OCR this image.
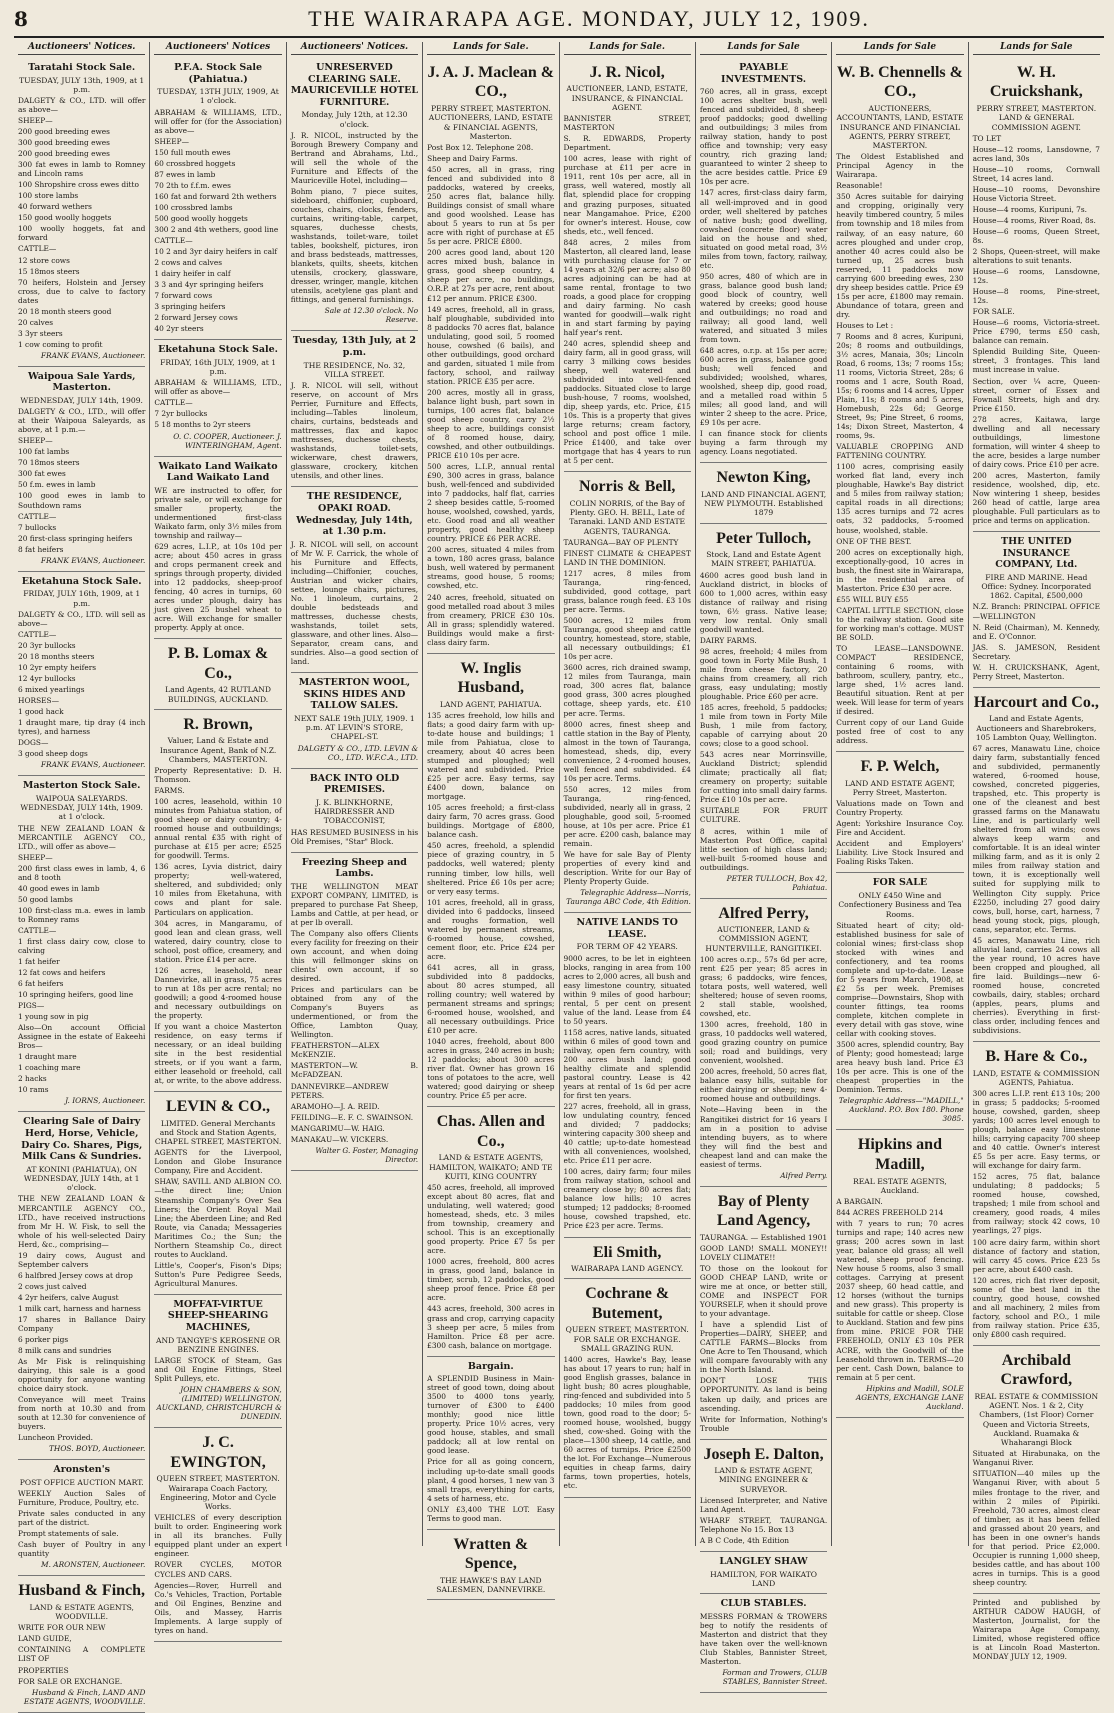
8	THE WAIRARAPA AGE. MONDAY, JULY 12, 1909.
Auctioneers' Notices.
Taratahi Stock Sale.
TUESDAY, JULY 13th, 1909, at 1 p.m.

DALGETY & CO., LTD. will offer as above—

SHEEP—

200 good breeding ewes

300 good breeding ewes

200 good breeding ewes

300 fat ewes in lamb to Romney and Lincoln rams

100 Shropshire cross ewes ditto

100 store lambs

40 forward wethers

150 good woolly hoggets

100 woolly hoggets, fat and forward

CATTLE—

12 store cows

15 18mos steers

70 heifers, Holstein and Jersey cross, due to calve to factory dates

20 18 month steers good

20 calves

3 3yr steers

1 cow coming to profit

FRANK EVANS, Auctioneer.
Waipoua Sale Yards, Masterton.
WEDNESDAY, JULY 14th, 1909.

DALGETY & CO., LTD., will offer at their Waipoua Saleyards, as above, at 1 p.m.—

SHEEP—

100 fat lambs

70 18mos steers

300 fat ewes

50 f.m. ewes in lamb

100 good ewes in lamb to Southdown rams

CATTLE—

7 bullocks

20 first-class springing heifers

8 fat heifers

FRANK EVANS, Auctioneer.
Eketahuna Stock Sale.
FRIDAY, JULY 16th, 1909, at 1 p.m.

DALGETY & CO., LTD. will sell as above—

CATTLE—

20 3yr bullocks

20 18 months steers

10 2yr empty heifers

12 4yr bullocks

6 mixed yearlings

HORSES—

1 good hack

1 draught mare, tip dray (4 inch tyres), and harness

DOGS—

3 good sheep dogs

FRANK EVANS, Auctioneer.
Masterton Stock Sale.
WAIPOUA SALEYARDS. WEDNESDAY, JULY 14th, 1909. at 1 o'clock.

THE NEW ZEALAND LOAN & MERCANTILE AGENCY CO., LTD., will offer as above—

SHEEP—

200 first class ewes in lamb, 4, 6 and 8 tooth

40 good ewes in lamb

50 good lambs

100 first-class m.a. ewes in lamb to Romney rams

CATTLE—

1 first class dairy cow, close to calving

1 fat heifer

12 fat cows and heifers

6 fat heifers

10 springing heifers, good line

PIGS—

1 young sow in pig

Also—On account Official Assignee in the estate of Eakeehi Bros—

1 draught mare

1 coaching mare

2 hacks

10 rams

J. IORNS, Auctioneer.
Clearing Sale of Dairy Herd, Horse, Vehicle, Dairy Co. Shares, Pigs, Milk Cans & Sundries.
AT KONINI (PAHIATUA), ON WEDNESDAY, JULY 14th, at 1 o'clock.

THE NEW ZEALAND LOAN & MERCANTILE AGENCY CO., LTD., have received instructions from Mr H. W. Fisk, to sell the whole of his well-selected Dairy Herd, &c., comprising—

19 dairy cows, August and September calvers

6 halfbred Jersey cows at drop

2 cows just calved

4 2yr heifers, calve August

1 milk cart, harness and harness

17 shares in Ballance Dairy Company

6 porker pigs

8 milk cans and sundries

As Mr Fisk is relinquishing dairying, this sale is a good opportunity for anyone wanting choice dairy stock.

Conveyance will meet Trains from north at 10.30 and from south at 12.30 for convenience of buyers.

Luncheon Provided.

THOS. BOYD, Auctioneer.
Aronsten's
POST OFFICE AUCTION MART.

WEEKLY Auction Sales of Furniture, Produce, Poultry, etc.

Private sales conducted in any part of the district.

Prompt statements of sale.

Cash buyer of Poultry in any quantity

M. ARONSTEN, Auctioneer.
Husband & Finch,
LAND & ESTATE AGENTS, WOODVILLE.

WRITE FOR OUR NEW

LAND GUIDE,

CONTAINING A COMPLETE LIST OF

PROPERTIES

FOR SALE OR EXCHANGE.

Husband & Finch, LAND AND ESTATE AGENTS, WOODVILLE.
Auctioneers' Notices
P.F.A. Stock Sale (Pahiatua.)
TUESDAY, 13TH JULY, 1909, At 1 o'clock.

ABRAHAM & WILLIAMS, LTD., will offer for (for the Association) as above—

SHEEP—

150 full mouth ewes

60 crossbred hoggets

87 ewes in lamb

70 2th to f.f.m. ewes

160 fat and forward 2th wethers

100 crossbred lambs

500 good woolly hoggets

300 2 and 4th wethers, good line

CATTLE—

10 2 and 3yr dairy heifers in calf

2 cows and calves

1 dairy heifer in calf

3 3 and 4yr springing heifers

7 forward cows

3 springing heifers

2 forward Jersey cows

40 2yr steers

Eketahuna Stock Sale.
FRIDAY, 16th JULY, 1909, at 1 p.m.

ABRAHAM & WILLIAMS, LTD., will offer as above—

CATTLE—

7 2yr bullocks

5 18 months to 2yr steers

O. C. COOPER, Auctioneer. J. WINTERINGHAM, Agent.
Waikato Land Waikato Land Waikato Land

WE are instructed to offer, for private sale, or will exchange for smaller property, the undermentioned first-class Waikato farm, only 3½ miles from township and railway—

629 acres, L.I.P., at 10s 10d per acre; about 450 acres in grass and crops permanent creek and springs through property, divided into 12 paddocks, sheep-proof fencing, 40 acres in turnips, 60 acres under plough, dairy has just given 25 bushel wheat to acre. Will exchange for smaller property. Apply at once.

P. B. Lomax & Co.,
Land Agents, 42 RUTLAND BUILDINGS, AUCKLAND.
R. Brown,
Valuer, Land & Estate and Insurance Agent, Bank of N.Z. Chambers, MASTERTON.

Property Representative: D. H. Thomson.

FARMS.

100 acres, leasehold, within 10 minutes from Pahiatua station, of good sheep or dairy country; 4-roomed house and outbuildings; annual rental £35 with right of purchase at £15 per acre; £525 for goodwill. Terms.

136 acres, Lyvia district, dairy property; well-watered, sheltered, and subdivided; only 10 miles from Eketahuna, with cows and plant for sale. Particulars on application.

304 acres, in Mangaramu, of good lean and clean grass, well watered, dairy country, close to school, post office, creamery, and station. Price £14 per acre.

126 acres, leasehold, near Dannevirke, all in grass, 75 acres to run at 18s per acre rental; no goodwill; a good 4-roomed house and necessary outbuildings on the property.

If you want a choice Masterton residence, on easy terms if necessary, or an ideal building site in the best residential streets, or if you want a farm, either leasehold or freehold, call at, or write, to the above address.

LEVIN & CO.,
LIMITED. General Merchants and Stock and Station Agents, CHAPEL STREET, MASTERTON.

AGENTS for the Liverpool, London and Globe Insurance Company, Fire and Accident.

SHAW, SAVILL AND ALBION CO.—the direct line; Union Steamship Company's Over Sea Liners; the Orient Royal Mail Line; the Aberdeen Line; and Red Route, via Canada; Messageries Maritimes Co.; the Sun; the Northern Steamship Co., direct routes to Auckland.

Little's, Cooper's, Fison's Dips; Sutton's Pure Pedigree Seeds, Agricultural Manures.

MOFFAT-VIRTUE SHEEP-SHEARING MACHINES,
AND TANGYE'S KEROSENE OR BENZINE ENGINES.

LARGE STOCK of Steam, Gas and Oil Engine Fittings, Steel Split Pulleys, etc.

JOHN CHAMBERS & SON, (LIMITED) WELLINGTON, AUCKLAND, CHRISTCHURCH & DUNEDIN.
J. C. EWINGTON,
QUEEN STREET, MASTERTON. Wairarapa Coach Factory, Engineering, Motor and Cycle Works.

VEHICLES of every description built to order. Engineering work in all its branches. Fully equipped plant under an expert engineer.

ROVER CYCLES, MOTOR CYCLES AND CARS.

Agencies—Rover, Hurrell and Co.'s Vehicles, Traction, Portable and Oil Engines, Benzine and Oils, and Massey, Harris Implements. A large supply of tyres on hand.

Auctioneers' Notices.
UNRESERVED CLEARING SALE. MAURICEVILLE HOTEL FURNITURE.
Monday, July 12th, at 12.30 o'clock.

J. R. NICOL, instructed by the Borough Brewery Company and Bertrand and Abrahams, Ltd., will sell the whole of the Furniture and Effects of the Mauriceville Hotel, including—

Bohm piano, 7 piece suites, sideboard, chiffonier, cupboard, couches, chairs, clocks, fenders, curtains, writing-table, carpet, squares, duchesse chests, washstands, toilet-ware, toilet tables, bookshelf, pictures, iron and brass bedsteads, mattresses, blankets, quilts, sheets, kitchen utensils, crockery, glassware, dresser, wringer, mangle, kitchen utensils, acetylene gas plant and fittings, and general furnishings.

Sale at 12.30 o'clock. No Reserve.
Tuesday, 13th July, at 2 p.m.
THE RESIDENCE, No. 32, VILLA STREET.

J. R. NICOL will sell, without reserve, on account of Mrs Perrier, Furniture and Effects, including—Tables linoleum, chairs, curtains, bedsteads and mattresses, flax and kapoc mattresses, duchesse chests, washstands, toilet-sets, wickerware, chest drawers, glassware, crockery, kitchen utensils, and other lines.

THE RESIDENCE, OPAKI ROAD. Wednesday, July 14th, at 1.30 p.m.

J. R. NICOL will sell, on account of Mr W. F. Carrick, the whole of his Furniture and Effects, including—Chiffonier, couches, Austrian and wicker chairs, settee, lounge chairs, pictures, No. 1 linoleum, curtains, 2 double bedsteads and mattresses, duchesse chests, washstands, toilet sets, glassware, and other lines. Also—Separator, cream cans, and sundries. Also—a good section of land.

MASTERTON WOOL, SKINS HIDES AND TALLOW SALES.
NEXT SALE 19th JULY, 1909. 1 p.m. AT LEVIN'S STORE, CHAPEL-ST.
DALGETY & CO., LTD. LEVIN & CO., LTD. W.F.C.A., LTD.
BACK INTO OLD PREMISES.
J. K. BLINKHORNE, HAIRDRESSER AND TOBACCONIST,

HAS RESUMED BUSINESS in his Old Premises, "Star" Block.

Freezing Sheep and Lambs.

THE WELLINGTON MEAT EXPORT COMPANY, LIMITED, is prepared to purchase Fat Sheep, Lambs and Cattle, at per head, or at per lb overall.

The Company also offers Clients every facility for freezing on their own account, and when doing this will fellmonger skins on clients' own account, if so desired.

Prices and particulars can be obtained from any of the Company's Buyers as undermentioned, or from the Office, Lambton Quay, Wellington.

FEATHERSTON—ALEX McKENZIE.

MASTERTON—W. B. McFADZEAN.

DANNEVIRKE—ANDREW PETERS.

ARAMOHO—J. A. REID.

FEILDING—E. F. C. SWAINSON.

MANGARIMU—W. HAIG.

MANAKAU—W. VICKERS.

Walter G. Foster, Managing Director.
Lands for Sale.
J. A. J. Maclean & CO.,
PERRY STREET, MASTERTON. AUCTIONEERS, LAND, ESTATE & FINANCIAL AGENTS, Masterton.

Post Box 12. Telephone 208.

Sheep and Dairy Farms.

450 acres, all in grass, ring fenced and subdivided into 8 paddocks, watered by creeks, 250 acres flat, balance hilly. Buildings consist of small whare and good woolshed. Lease has about 5 years to run at 5s per acre with right of purchase at £5 5s per acre. PRICE £800.

200 acres good land, about 120 acres mixed bush, balance in grass, good sheep country, 4 sheep per acre, no buildings, O.R.P. at 27s per acre, rent about £12 per annum. PRICE £300.

149 acres, freehold, all in grass, half ploughable, subdivided into 8 paddocks 70 acres flat, balance undulating, good soil, 5 roomed house, cowshed (6 bails), and other outbuildings, good orchard and garden, situated 1 mile from factory, school, and railway station. PRICE £35 per acre.

200 acres, mostly all in grass, balance light bush, part sown in turnips, 100 acres flat, balance good sheep country, carry 2½ sheep to acre, buildings consist of 8 roomed house, dairy, cowshed, and other outbuildings. PRICE £10 10s per acre.

500 acres, L.I.P., annual rental £90, 300 acres in grass, balance bush, well-fenced and subdivided into 7 paddocks, half flat, carries 2 sheep besides cattle, 5-roomed house, woolshed, cowshed, yards, etc. Good road and all weather property, good healthy sheep country. PRICE £6 PER ACRE.

200 acres, situated 4 miles from a town, 180 acres grass, balance bush, well watered by permanent streams, good house, 5 rooms; cowshed, etc.

240 acres, freehold, situated on good metalled road about 3 miles from creamery, PRICE £30 10s. All in grass; splendidly watered. Buildings would make a first-class dairy farm.

W. Inglis Husband,
LAND AGENT, PAHIATUA.

135 acres freehold, low hills and flats; a good dairy farm with up-to-date house and buildings; 1 mile from Pahiatua, close to creamery, about 40 acres been stumped and ploughed; well watered and subdivided. Price £25 per acre. Easy terms, say £400 down, balance on mortgage.

105 acres freehold; a first-class dairy farm, 70 acres grass. Good buildings. Mortgage of £800, balance cash.

450 acres, freehold, a splendid piece of grazing country, in 5 paddocks, well watered; plenty running timber, low hills, well sheltered. Price £6 10s per acre; or very easy terms.

101 acres, freehold, all in grass, divided into 6 paddocks, linseed and roughs formation, well watered by permanent streams, 6-roomed house, cowshed, cement floor, etc. Price £24 per acre.

641 acres, all in grass, subdivided into 8 paddocks, about 80 acres stumped, all rolling country; well watered by permanent streams and springs; 6-roomed house, woolshed, and all necessary outbuildings. Price £10 per acre.

1040 acres, freehold, about 800 acres in grass, 240 acres in bush; 12 paddocks; about 300 acres river flat. Owner has grown 16 tons of potatoes to the acre, well watered; good dairying or sheep country. Price £5 per acre.

Chas. Allen and Co.,
LAND & ESTATE AGENTS, HAMILTON, WAIKATO; AND TE KUITI, KING COUNTRY

450 acres, freehold, all improved except about 80 acres, flat and undulating, well watered; good homestead, sheds, etc. 3 miles from township, creamery and school. This is an exceptionally good property. Price £7 5s per acre.

1000 acres, freehold, 800 acres in grass, good land, balance in timber, scrub, 12 paddocks, good sheep proof fence. Price £8 per acre.

443 acres, freehold, 300 acres in grass and crop, carrying capacity 3 sheep per acre, 5 miles from Hamilton. Price £8 per acre. £300 cash, balance on mortgage.

Bargain.

A SPLENDID Business in Main-street of good town, doing about 3500 to 4000 tons yearly, turnover of £300 to £400 monthly; good nice little property. Price 10½ acres, very good house, stables, and small paddock; all at low rental on good lease.

Price for all as going concern, including up-to-date small goods plant, 4 good horses, 1 new van 3 small traps, everything for carts, 4 sets of harness, etc.

ONLY £3,400 THE LOT. Easy Terms to good man.

Wratten & Spence,
THE HAWKE'S BAY LAND SALESMEN, DANNEVIRKE.
Lands for Sale.
J. R. Nicol,
AUCTIONEER, LAND, ESTATE, INSURANCE, & FINANCIAL AGENT.

BANNISTER STREET, MASTERTON

S. R. EDWARDS, Property Department.

100 acres, lease with right of purchase at £11 per acre in 1911, rent 10s per acre, all in grass, well watered, mostly all flat, splendid place for cropping and grazing purposes, situated near Mangamahoe. Price, £200 for owner's interest. House, cow sheds, etc., well fenced.

848 acres, 2 miles from Masterton, all cleared land, lease with purchasing clause for 7 or 14 years at 32/6 per acre; also 80 acres adjoining can be had at same rental, frontage to two roads, a good place for cropping and dairy farming. No cash wanted for goodwill—walk right in and start farming by paying half year's rent.

240 acres, splendid sheep and dairy farm, all in good grass, will carry 3 milking cows besides sheep, well watered and subdivided into well-fenced paddocks. Situated close to large bush-house, 7 rooms, woolshed, dip, sheep yards, etc. Price, £15 10s. This is a property that gives large returns; cream factory, school and post office 1 mile. Price £1400, and take over mortgage that has 4 years to run at 5 per cent.

Norris & Bell,
COLIN NORRIS, of the Bay of Plenty. GEO. H. BELL, Late of Taranaki. LAND AND ESTATE AGENTS, TAURANGA.

TAURANGA—BAY OF PLENTY

FINEST CLIMATE & CHEAPEST LAND IN THE DOMINION.

1217 acres, 8 miles from Tauranga, ring-fenced, subdivided, good cottage, part grass, balance rough feed. £3 10s per acre. Terms.

5000 acres, 12 miles from Tauranga, good sheep and cattle country, homestead, store, stable, all necessary outbuildings; £1 10s per acre.

3600 acres, rich drained swamp, 12 miles from Tauranga, main road, 300 acres flat, balance good grass, 300 acres ploughed cottage, sheep yards, etc. £10 per acre. Terms.

8000 acres, finest sheep and cattle station in the Bay of Plenty, almost in the town of Tauranga, homestead, sheds, dip, every convenience, 2 4-roomed houses, well fenced and subdivided. £4 10s per acre. Terms.

550 acres, 12 miles from Tauranga, ring-fenced, subdivided, nearly all in grass, 2 ploughable, good soil, 5-roomed house, at 10s per acre. Price £1 per acre. £200 cash, balance may remain.

We have for sale Bay of Plenty properties of every kind and description. Write for our Bay of Plenty Property Guide.

Telegraphic Address—Norris, Tauranga ABC Code, 4th Edition.
NATIVE LANDS TO LEASE.
FOR TERM OF 42 YEARS.

9000 acres, to be let in eighteen blocks, ranging in area from 100 acres to 2,000 acres, all bush and easy limestone country, situated within 9 miles of good harbour; rental, 5 per cent on present value of the land. Lease from £4 to 50 years.

1158 acres, native lands, situated within 6 miles of good town and railway, open fern country, with 200 acres bush land; good healthy climate and splendid pastoral country. Lease is 42 years at rental of 1s 6d per acre for first ten years.

227 acres, freehold, all in grass, low undulating country, fenced and divided; 7 paddocks; wintering capacity 300 sheep and 40 cattle; up-to-date homestead with all conveniences, woolshed, etc. Price £11 per acre.

100 acres, dairy farm; four miles from railway station, school and creamery close by; 80 acres flat; balance low hills; 10 acres stumped; 12 paddocks; 8-roomed house, cowshed trapshed, etc. Price £23 per acre. Terms.

Eli Smith,
WAIRARAPA LAND AGENCY.
Cochrane & Butement,
QUEEN STREET, MASTERTON. FOR SALE OR EXCHANGE. SMALL GRAZING RUN.

1400 acres, Hawke's Bay, lease has about 17 years to run; half in good English grasses, balance in light bush; 80 acres ploughable, ring-fenced and subdivided into 5 paddocks; 10 miles from good town, good road to the door; 5-roomed house, woolshed, buggy shed, cow-shed. Going with the place—1300 sheep, 14 cattle, and 60 acres of turnips. Price £2500 the lot. For Exchange—Numerous equities in cheap farms, dairy farms, town properties, hotels, etc.

Lands for Sale
PAYABLE INVESTMENTS.

760 acres, all in grass, except 100 acres shelter bush, well fenced and subdivided, 8 sheep-proof paddocks; good dwelling and outbuildings; 3 miles from railway station, handy to post office and township; very easy country, rich grazing land; guaranteed to winter 2 sheep to the acre besides cattle. Price £9 10s per acre.

147 acres, first-class dairy farm, all well-improved and in good order, well sheltered by patches of native bush; good dwelling, cowshed (concrete floor) water laid on the house and shed, situated on good metal road, 3½ miles from town, factory, railway, etc.

950 acres, 480 of which are in grass, balance good bush land; good block of country, well watered by creeks; good house and outbuildings; no road and railway; all good land, well watered, and situated 3 miles from town.

648 acres, o.r.p. at 15s per acre; 600 acres in grass, balance good bush; well fenced and subdivided; woolshed, whares, woolshed, sheep dip, good road, and a metalled road within 5 miles; all good land, and will winter 2 sheep to the acre. Price, £9 10s per acre.

I can finance stock for clients buying a farm through my agency. Loans negotiated.

Newton King,
LAND AND FINANCIAL AGENT, NEW PLYMOUTH. Established 1879
Peter Tulloch,
Stock, Land and Estate Agent MAIN STREET, PAHIATUA.

4600 acres good bush land in Auckland district, in blocks of 600 to 1,000 acres, within easy distance of railway and rising town, 6½ grass. Native lease; very low rental. Only small goodwill wanted.

DAIRY FARMS.

98 acres, freehold; 4 miles from good town in Forty Mile Bush, 1 mile from cheese factory, 20 chains from creamery, all rich grass, easy undulating; mostly ploughable. Price £60 per acre.

185 acres, freehold, 5 paddocks; 1 mile from town in Forty Mile Bush, 1 mile from factory, capable of carrying about 20 cows; close to a good school.

543 acres near Morrinsville, Auckland District; splendid climate; practically all flat; creamery on property; suitable for cutting into small dairy farms. Price £10 10s per acre.

SUITABLE FOR FRUIT CULTURE.

8 acres, within 1 mile of Masterton Post Office, capital little section of high class land; well-built 5-roomed house and outbuildings.

PETER TULLOCH, Box 42, Pahiatua.
Alfred Perry,
AUCTIONEER, LAND & COMMISSION AGENT, HUNTERVILLE, RANGITIKEI.

100 acres o.r.p., 57s 6d per acre, rent £25 per year; 85 acres in grass; 6 paddocks, wire fences, totara posts, well watered, well sheltered; house of seven rooms, 2 stall stable, woolshed, cowshed, etc.

1300 acres, freehold, 180 in grass, 10 paddocks well watered, good grazing country on pumice soil; road and buildings, very convenient, woolshed.

200 acres, freehold, 50 acres flat, balance easy hills, suitable for either dairying or sheep; new 4-roomed house and outbuildings.

Note—Having been in the Rangitikei district for 16 years I am in a position to advise intending buyers, as to where they will find the best and cheapest land and can make the easiest of terms.

Alfred Perry.
Bay of Plenty Land Agency,
TAURANGA. — Established 1901

GOOD LAND! SMALL MONEY!! LOVELY CLIMATE!!

TO those on the lookout for GOOD CHEAP LAND, write or wire me at once, or better still, COME and INSPECT FOR YOURSELF, when it should prove to your advantage.

I have a splendid List of Properties—DAIRY, SHEEP, and CATTLE FARMS—Blocks from One Acre to Ten Thousand, which will compare favourably with any in the North Island.

DON'T LOSE THIS OPPORTUNITY. As land is being taken up daily, and prices are ascending.

Write for Information, Nothing's Trouble

Joseph E. Dalton,
LAND & ESTATE AGENT, MINING ENGINEER & SURVEYOR.

Licensed Interpreter, and Native Land Agent.

WHARF STREET, TAURANGA. Telephone No 15. Box 13

A B C Code, 4th Edition

LANGLEY SHAW
HAMILTON, FOR WAIKATO LAND
CLUB STABLES.

MESSRS FORMAN & TROWERS beg to notify the residents of Masterton and district that they have taken over the well-known Club Stables, Bannister Street, Masterton.

Forman and Trowers, CLUB STABLES, Bannister Street.
Lands for Sale
W. B. Chennells & CO.,
AUCTIONEERS, ACCOUNTANTS, LAND, ESTATE INSURANCE AND FINANCIAL AGENTS, PERRY STREET, MASTERTON.

The Oldest Established and Principal Agency in the Wairarapa.

Reasonable!

350 Acres suitable for dairying and cropping, originally very heavily timbered country, 5 miles from township and 18 miles from railway, of an easy nature, 60 acres ploughed and under crop, another 40 acres could also be turned up, 25 acres bush reserved, 11 paddocks now carrying 600 breeding ewes, 230 dry sheep besides cattle. Price £9 15s per acre, £1800 may remain. Abundance of totara, green and dry.

Houses to Let :

7 Rooms and 8 acres, Kuripuni, 20s; 8 rooms and outbuildings, 3½ acres, Manaia, 30s; Lincoln Road, 6 rooms, 13s; 7 rooms 15s; 11 rooms, Victoria Street, 28s; 6 rooms and 1 acre, South Road, 15s; 6 rooms and 14 acres, Upper Plain, 11s; 8 rooms and 5 acres, Homebush, 22s 6d; George Street, 9s; Pine Street, 6 rooms, 14s; Dixon Street, Masterton, 4 rooms, 9s.

VALUABLE CROPPING AND FATTENING COUNTRY.

1100 acres, comprising easily worked flat land, every inch ploughable, Hawke's Bay district and 5 miles from railway station; capital roads in all directions; 135 acres turnips and 72 acres oats, 32 paddocks, 5-roomed house, woolshed, stable.

ONE OF THE BEST.

200 acres on exceptionally high, exceptionally-good, 10 acres in bush, the finest site in Wairarapa, in the residential area of Masterton. Price £30 per acre.

£55 WILL BUY £55

CAPITAL LITTLE SECTION, close to the railway station. Good site for working man's cottage. MUST BE SOLD.

TO LEASE—LANSDOWNE. COMPACT RESIDENCE, containing 6 rooms, with bathroom, scullery, pantry, etc., large shed, 1½ acres land. Beautiful situation. Rent at per week. Will lease for term of years if desired.

Current copy of our Land Guide posted free of cost to any address.

F. P. Welch,
LAND AND ESTATE AGENT, Perry Street, Masterton.

Valuations made on Town and Country Property.

Agent: Yorkshire Insurance Coy. Fire and Accident.

Accident and Employers' Liability. Live Stock Insured and Foaling Risks Taken.

FOR SALE
ONLY £450 Wine and Confectionery Business and Tea Rooms.

Situated heart of city; old-established business for sale of colonial wines; first-class shop stocked with wines and confectionery, and tea rooms complete and up-to-date. Lease for 5 years from March, 1908, at £2 5s per week. Premises comprise—Downstairs, Shop with counter fittings, tea rooms complete, kitchen complete in every detail with gas stove, wine cellar with cooking stoves.

3500 acres, splendid country, Bay of Plenty; good homestead; large area heavy bush land. Price £3 10s per acre. This is one of the cheapest properties in the Dominion. Terms.

Telegraphic Address—"MADILL," Auckland. P.O. Box 180. Phone 3085.
Hipkins and Madill,
REAL ESTATE AGENTS, Auckland.

A BARGAIN.

844 ACRES FREEHOLD 214

with 7 years to run; 70 acres turnips and rape; 140 acres new grass; 200 acres sown in last year, balance old grass; all well watered, sheep proof fencing. New house 5 rooms, also 3 small cottages. Carrying at present 2037 sheep, 60 head cattle, and 12 horses (without the turnips and new grass). This property is suitable for cattle or sheep. Close to Auckland. Station and few pins from mine. PRICE FOR THE FREEHOLD, ONLY £3 10s PER ACRE, with the Goodwill of the Leasehold thrown in. TERMS—20 per cent. Cash Down, balance to remain at 5 per cent.

Hipkins and Madill, SOLE AGENTS, EXCHANGE LANE Auckland.
Lands for Sale
W. H. Cruickshank,
PERRY STREET, MASTERTON. LAND & GENERAL COMMISSION AGENT.

TO LET

House—12 rooms, Lansdowne, 7 acres land, 30s

House—10 rooms, Cornwall Street, 14 acres land.

House—10 rooms, Devonshire House Victoria Street.

House—4 rooms, Kuripuni, 7s.

House—4 rooms, River Road, 8s.

House—6 rooms, Queen Street, 8s.

2 Shops, Queen-street, will make alterations to suit tenants.

House—6 rooms, Lansdowne, 12s.

House—8 rooms, Pine-street, 12s.

FOR SALE.

House—6 rooms, Victoria-street. Price £790, terms £50 cash, balance can remain.

Splendid Building Site, Queen-street, 3 frontages. This land must increase in value.

Section, over ¼ acre, Queen-street, corner of Essex and Fownall Streets, high and dry. Price £150.

278 acres, Kaitawa, large dwelling and all necessary outbuildings, limestone formation, will winter 4 sheep to the acre, besides a large number of dairy cows. Price £10 per acre.

200 acres, Masterton, family residence, woolshed, dip, etc. Now wintering 1 sheep, besides 260 head of cattle, large area ploughable. Full particulars as to price and terms on application.

THE UNITED INSURANCE COMPANY, Ltd.
FIRE AND MARINE. Head Office: Sydney. Incorporated 1862. Capital, £500,000

N.Z. Branch: PRINCIPAL OFFICE—WELLINGTON

N. Reid (Chairman), M. Kennedy, and E. O'Connor.

JAS. S. JAMESON, Resident Secretary.

W. H. CRUICKSHANK, Agent, Perry Street, Masterton.

Harcourt and Co.,
Land and Estate Agents, Auctioneers and Sharebrokers, 105 Lambton Quay, Wellington.

67 acres, Manawatu Line, choice dairy farm, substantially fenced and subdivided, permanently watered, 6-roomed house, cowshed, concreted piggeries, trapshed, etc. This property is one of the cleanest and best grassed farms on the Manawatu Line, and is particularly well sheltered from all winds; cows always keep warm and comfortable. It is an ideal winter milking farm, and as it is only 2 miles from railway station and town, it is exceptionally well suited for supplying milk to Wellington City supply. Price £2250, including 27 good dairy cows, bull, horse, cart, harness, 7 head young stock, pigs, plough, cans, separator, etc. Terms.

45 acres, Manawatu Line, rich alluvial land, carries 24 cows all the year round, 10 acres have been cropped and ploughed, all fire laid. Buildings—new 6-roomed house, concreted cowbails, dairy, stables; orchard (apples, pears, plums and cherries). Everything in first-class order, including fences and subdivisions.

B. Hare & Co.,
LAND, ESTATE & COMMISSION AGENTS, Pahiatua.

300 acres L.I.P. rent £13 10s; 200 in grass; 5 paddocks; 5-roomed house, cowshed, garden, sheep yards; 100 acres level enough to plough, balance easy limestone hills; carrying capacity 700 sheep and 40 cattle. Owner's interest £5 5s per acre. Easy terms, or will exchange for dairy farm.

152 acres, 75 flat, balance undulating; 8 paddocks; 5 roomed house, cowshed, trapshed; 1 mile from school and creamery, good roads, 4 miles from railway; stock 42 cows, 10 yearlings, 27 pigs.

100 acre dairy farm, within short distance of factory and station, will carry 45 cows. Price £23 5s per acre, about £400 cash.

120 acres, rich flat river deposit, some of the best land in the country, good house, cowshed and all machinery, 2 miles from factory, school and P.O., 1 mile from railway station. Price £35, only £800 cash required.

Archibald Crawford,
REAL ESTATE & COMMISSION AGENT. Nos. 1 & 2, City Chambers, (1st Floor) Corner Queen and Victoria Streets, Auckland. Ruamaka & Whaharangi Block

Situated at Hirabunaka, on the Wanganui River.

SITUATION—40 miles up the Wanganui River, with about 5 miles frontage to the river, and within 2 miles of Pipiriki. Freehold, 730 acres, almost clear of timber, as it has been felled and grassed about 20 years, and has been in one owner's hands for that period. Price £2,000. Occupier is running 1,000 sheep, besides cattle, and has about 100 acres in turnips. This is a good sheep country.

Printed and published by ARTHUR CADOW HAUGH, of Masterton, Journalist, for the Wairarapa Age Company, Limited, whose registered office is at Lincoln Road Masterton. MONDAY JULY 12, 1909.
